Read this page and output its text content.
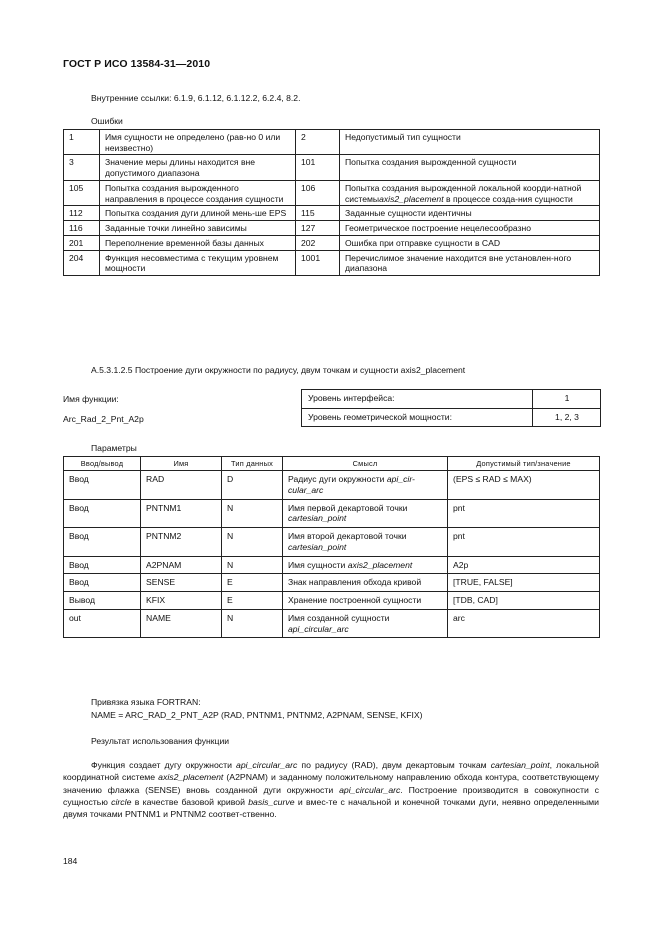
ГОСТ Р ИСО 13584-31—2010
Внутренние ссылки: 6.1.9, 6.1.12, 6.1.12.2, 6.2.4, 8.2.
Ошибки
1	Имя сущности не определено (рав-но 0 или неизвестно)	2	Недопустимый тип сущности
3	Значение меры длины находится вне допустимого диапазона	101	Попытка создания вырожденной сущности
105	Попытка создания вырожденного направления в процессе создания сущности	106	Попытка создания вырожденной локальной коорди-натной системыaxis2_placement в процессе созда-ния сущности
112	Попытка создания дуги длиной мень-ше EPS	115	Заданные сущности идентичны
116	Заданные точки линейно зависимы	127	Геометрическое построение нецелесообразно
201	Переполнение временной базы данных	202	Ошибка при отправке сущности в CAD
204	Функция несовместима с текущим уровнем мощности	1001	Перечислимое значение находится вне установлен-ного диапазона
A.5.3.1.2.5 Построение дуги окружности по радиусу, двум точкам и сущности axis2_placement
Имя функции:
Arc_Rad_2_Pnt_A2p
Уровень интерфейса:	1
Уровень геометрической мощности:	1, 2, 3
Параметры
Ввод/вывод	Имя	Тип данных	Смысл	Допустимый тип/значение
Ввод	RAD	D	Радиус дуги окружности api_cir-cular_arc	(EPS ≤ RAD ≤ MAX)
Ввод	PNTNM1	N	Имя первой декартовой точки cartesian_point	pnt
Ввод	PNTNM2	N	Имя второй декартовой точки cartesian_point	pnt
Ввод	A2PNAM	N	Имя сущности axis2_placement	A2p
Ввод	SENSE	E	Знак направления обхода кривой	[TRUE, FALSE]
Вывод	KFIX	E	Хранение построенной сущности	[TDB, CAD]
out	NAME	N	Имя созданной сущности api_circular_arc	arc
Привязка языка FORTRAN:
NAME = ARC_RAD_2_PNT_A2P (RAD, PNTNM1, PNTNM2, A2PNAM, SENSE, KFIX)
Результат использования функции
Функция создает дугу окружности api_circular_arc по радиусу (RAD), двум декартовым точкам cartesian_point, локальной координатной системе axis2_placement (A2PNAM) и заданному положительному направлению обхода контура, соответствующему значению флажка (SENSE) вновь созданной дуги окружности api_circular_arc. Построение производится в совокупности с сущностью circle в качестве базовой кривой basis_curve и вмес-те с начальной и конечной точками дуги, неявно определенными двумя точками PNTNM1 и PNTNM2 соответ-ственно.
184
